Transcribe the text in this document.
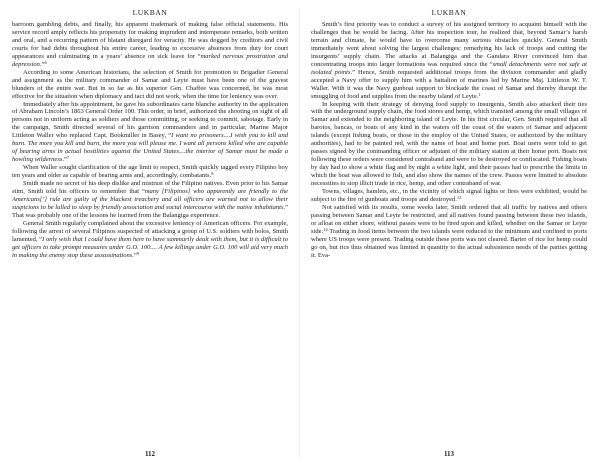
LUKBAN

barroom gambling debts, and finally, his apparent trademark of making false official statements. His service record amply reflects his propensity for making imprudent and intemperate remarks, both written and oral, and a recurring pattern of blatant disregard for veracity. He was dogged by creditors and civil courts for bad debts throughout his entire career, leading to excessive absences from duty for court appearances and culminating in a years’ absence on sick leave for “marked nervous prostration and depression.”$^6$

According to some American historians, the selection of Smith for promotion to Brigadier General and assignment as the military commander of Samar and Leyte must have been one of the gravest blunders of the entire war. But in so far as his superior Gen. Chaffee was concerned, he was most effective for the situation when diplomacy and tact did not work, when the time for leniency was over.

Immediately after his appointment, he gave his subordinates carte blanche authority in the application of Abraham Lincoln’s 1863 General Order 100. This order, in brief, authorized the shooting on sight of all persons not in uniform acting as soldiers and those committing, or seeking to commit, sabotage. Early in the campaign, Smith directed several of his garrison commanders and in particular, Marine Major Littleton Waller who replaced Capt. Bookmiller in Basey, “I want no prisoners....I wish you to kill and burn. The more you kill and burn, the more you will please me. I want all persons killed who are capable of bearing arms in actual hostilities against the United States....the interior of Samar must be made a howling wilderness.”$^7$

When Waller sought clarification of the age limit to respect, Smith quickly tagged every Filipino boy ten years and older as capable of bearing arms and, accordingly, combatants.$^8$

Smith made no secret of his deep dislike and mistrust of the Filipino natives. Even prior to his Samar stint, Smith told his officers to remember that “many [Filipinos] who apparently are friendly to the Americans[’] rule are guilty of the blackest treachery and all officers are warned not to allow their suspicions to be lulled to sleep by friendly association and social intercourse with the native inhabitants.” That was probably one of the lessons he learned from the Balangiga experience.

General Smith regularly complained about the excessive leniency of American officers. For example, following the arrest of several Filipinos suspected of attacking a group of U.S. soldiers with bolos, Smith lamented, “I only wish that I could have them here to have summarily dealt with them, but it is difficult to get officers to take prompt measures under G.O. 100.... A few killings under G.O. 100 will aid very much in making the enemy stop these assassinations.”$^9$

112
LUKBAN

Smith’s first priority was to conduct a survey of his assigned territory to acquaint himself with the challenges that he would be facing. After his inspection tour, he realized that, beyond Samar’s harsh terrain and climate, he would have to overcome many serious obstacles quickly. General Smith immediately went about solving the largest challenges: remedying his lack of troops and cutting the insurgents’ supply chain. The attacks at Balangiga and the Gandara River convinced him that concentrating troops into larger formations was required since the “small detachments were not safe at isolated points.” Hence, Smith requested additional troops from the division commander and gladly accepted a Navy offer to supply him with a battalion of marines led by Marine Maj. Littleton W. T. Waller. With it was the Navy gunboat support to blockade the coast of Samar and thereby disrupt the smuggling of food and supplies from the nearby island of Leyte.$^1$

In keeping with their strategy of denying food supply to insurgents, Smith also attacked their ties with the underground supply chain, the food stores and hemp, which transited among the small villages of Samar and extended to the neighboring island of Leyte. In his first circular, Gen. Smith required that all barotos, bancas, or boats of any kind in the waters off the coast of the waters of Samar and adjacent islands (except fishing boats, or those in the employ of the United States, or authorized by the military authorities), had to be painted red, with the name of boat and home port. Boat users were told to get passes signed by the commanding officer or adjutant of the military station at their home port. Boats not following these orders were considered contraband and were to be destroyed or confiscated. Fishing boats by day had to show a white flag and by night a white light, and their passes had to prescribe the limits in which the boat was allowed to fish, and also show the names of the crew. Passes were limited to absolute necessities to stop illicit trade in rice, hemp, and other contraband of war.

Towns, villages, hamlets, etc., in the vicinity of which signal lights or fires were exhibited, would be subject to the fire of gunboats and troops and destroyed.$^{13}$

Not satisfied with its results, some weeks later, Smith ordered that all traffic by natives and others passing between Samar and Leyte be restricted, and all natives found passing between these two islands, or afloat on either shore, without passes were to be fired upon and killed, whether on the Samar or Leyte side.$^{14}$ Trading in food items between the two islands were reduced to the minimum and confined to ports where US troops were present. Trading outside these ports was not cleared. Barter of rice for hemp could go on, but rice thus obtained was limited in quantity to the actual subsistence needs of the parties getting it. Eva-

113
